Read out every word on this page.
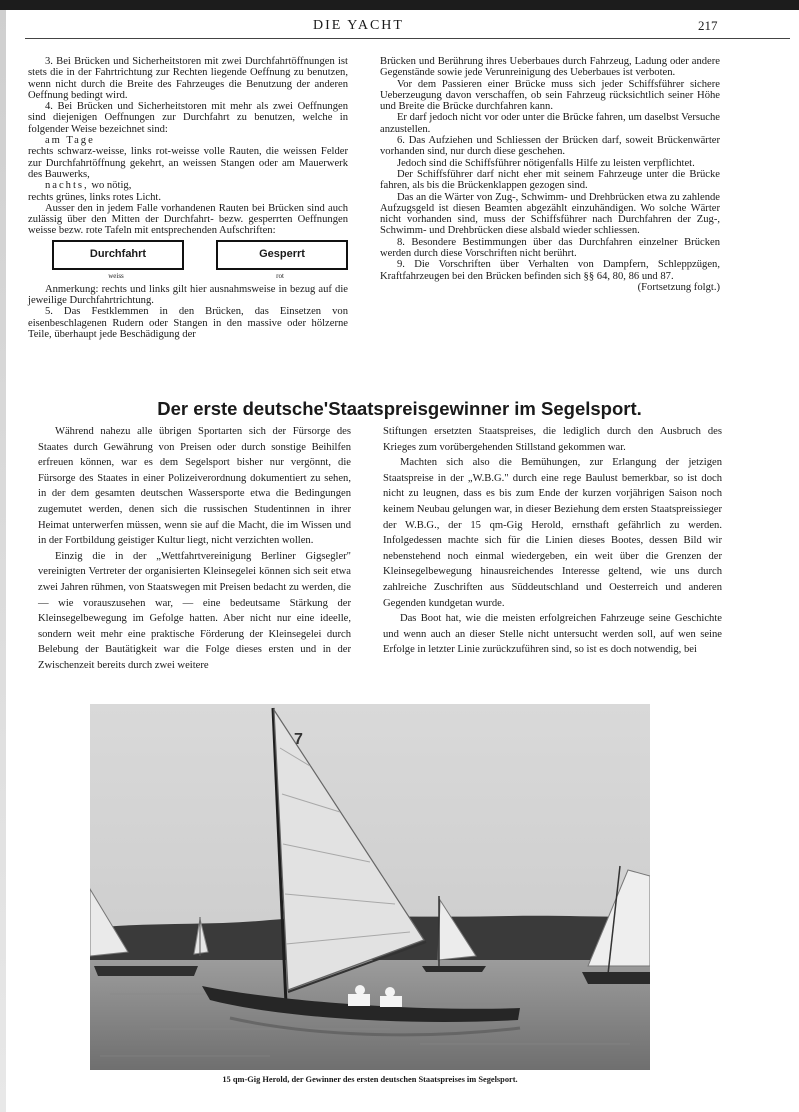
DIE YACHT	217

3. Bei Brücken und Sicherheitstoren mit zwei Durchfahrtöffnungen ist stets die in der Fahrtrichtung zur Rechten liegende Oeffnung zu benutzen, wenn nicht durch die Breite des Fahrzeuges die Benutzung der anderen Oeffnung bedingt wird.

4. Bei Brücken und Sicherheitstoren mit mehr als zwei Oeffnungen sind diejenigen Oeffnungen zur Durchfahrt zu benutzen, welche in folgender Weise bezeichnet sind:

am Tage

rechts schwarz-weisse, links rot-weisse volle Rauten, die weissen Felder zur Durchfahrtöffnung gekehrt, an weissen Stangen oder am Mauerwerk des Bauwerks,

nachts, wo nötig,

rechts grünes, links rotes Licht.

Ausser den in jedem Falle vorhandenen Rauten bei Brücken sind auch zulässig über den Mitten der Durchfahrt- bezw. gesperrten Oeffnungen weisse bezw. rote Tafeln mit entsprechenden Aufschriften:

Durchfahrt
weiss
Gesperrt
rot

Anmerkung: rechts und links gilt hier ausnahmsweise in bezug auf die jeweilige Durchfahrtrichtung.

5. Das Festklemmen in den Brücken, das Einsetzen von eisenbeschlagenen Rudern oder Stangen in den massive oder hölzerne Teile, überhaupt jede Beschädigung der

Brücken und Berührung ihres Ueberbaues durch Fahrzeug, Ladung oder andere Gegenstände sowie jede Verunreinigung des Ueberbaues ist verboten.

Vor dem Passieren einer Brücke muss sich jeder Schiffsführer sichere Ueberzeugung davon verschaffen, ob sein Fahrzeug rücksichtlich seiner Höhe und Breite die Brücke durchfahren kann.

Er darf jedoch nicht vor oder unter die Brücke fahren, um daselbst Versuche anzustellen.

6. Das Aufziehen und Schliessen der Brücken darf, soweit Brückenwärter vorhanden sind, nur durch diese geschehen.

Jedoch sind die Schiffsführer nötigenfalls Hilfe zu leisten verpflichtet.

Der Schiffsführer darf nicht eher mit seinem Fahrzeuge unter die Brücke fahren, als bis die Brückenklappen gezogen sind.

Das an die Wärter von Zug-, Schwimm- und Drehbrücken etwa zu zahlende Aufzugsgeld ist diesen Beamten abgezählt einzuhändigen. Wo solche Wärter nicht vorhanden sind, muss der Schiffsführer nach Durchfahren der Zug-, Schwimm- und Drehbrücken diese alsbald wieder schliessen.

8. Besondere Bestimmungen über das Durchfahren einzelner Brücken werden durch diese Vorschriften nicht berührt.

9. Die Vorschriften über Verhalten von Dampfern, Schleppzügen, Kraftfahrzeugen bei den Brücken befinden sich §§ 64, 80, 86 und 87.

(Fortsetzung folgt.)

Der erste deutsche'Staatspreisgewinner im Segelsport.

Während nahezu alle übrigen Sportarten sich der Fürsorge des Staates durch Gewährung von Preisen oder durch sonstige Beihilfen erfreuen können, war es dem Segelsport bisher nur vergönnt, die Fürsorge des Staates in einer Polizeiverordnung dokumentiert zu sehen, in der dem gesamten deutschen Wassersporte etwa die Bedingungen zugemutet werden, denen sich die russischen Studentinnen in ihrer Heimat unterwerfen müssen, wenn sie auf die Macht, die im Wissen und in der Fortbildung geistiger Kultur liegt, nicht verzichten wollen.

Einzig die in der „Wettfahrtvereinigung Berliner Gigsegler" vereinigten Vertreter der organisierten Kleinsegelei können sich seit etwa zwei Jahren rühmen, von Staatswegen mit Preisen bedacht zu werden, die — wie vorauszusehen war, — eine bedeutsame Stärkung der Kleinsegelbewegung im Gefolge hatten. Aber nicht nur eine ideelle, sondern weit mehr eine praktische Förderung der Kleinsegelei durch Belebung der Bautätigkeit war die Folge dieses ersten und in der Zwischenzeit bereits durch zwei weitere

Stiftungen ersetzten Staatspreises, die lediglich durch den Ausbruch des Krieges zum vorübergehenden Stillstand gekommen war.

Machten sich also die Bemühungen, zur Erlangung der jetzigen Staatspreise in der „W.B.G." durch eine rege Baulust bemerkbar, so ist doch nicht zu leugnen, dass es bis zum Ende der kurzen vorjährigen Saison noch keinem Neubau gelungen war, in dieser Beziehung dem ersten Staatspreissieger der W.B.G., der 15 qm-Gig Herold, ernsthaft gefährlich zu werden. Infolgedessen machte sich für die Linien dieses Bootes, dessen Bild wir nebenstehend noch einmal wiedergeben, ein weit über die Grenzen der Kleinsegelbewegung hinausreichendes Interesse geltend, wie uns durch zahlreiche Zuschriften aus Süddeutschland und Oesterreich und anderen Gegenden kundgetan wurde.

Das Boot hat, wie die meisten erfolgreichen Fahrzeuge seine Geschichte und wenn auch an dieser Stelle nicht untersucht werden soll, auf wen seine Erfolge in letzter Linie zurückzuführen sind, so ist es doch notwendig, bei

7
15 qm-Gig Herold, der Gewinner des ersten deutschen Staatspreises im Segelsport.
